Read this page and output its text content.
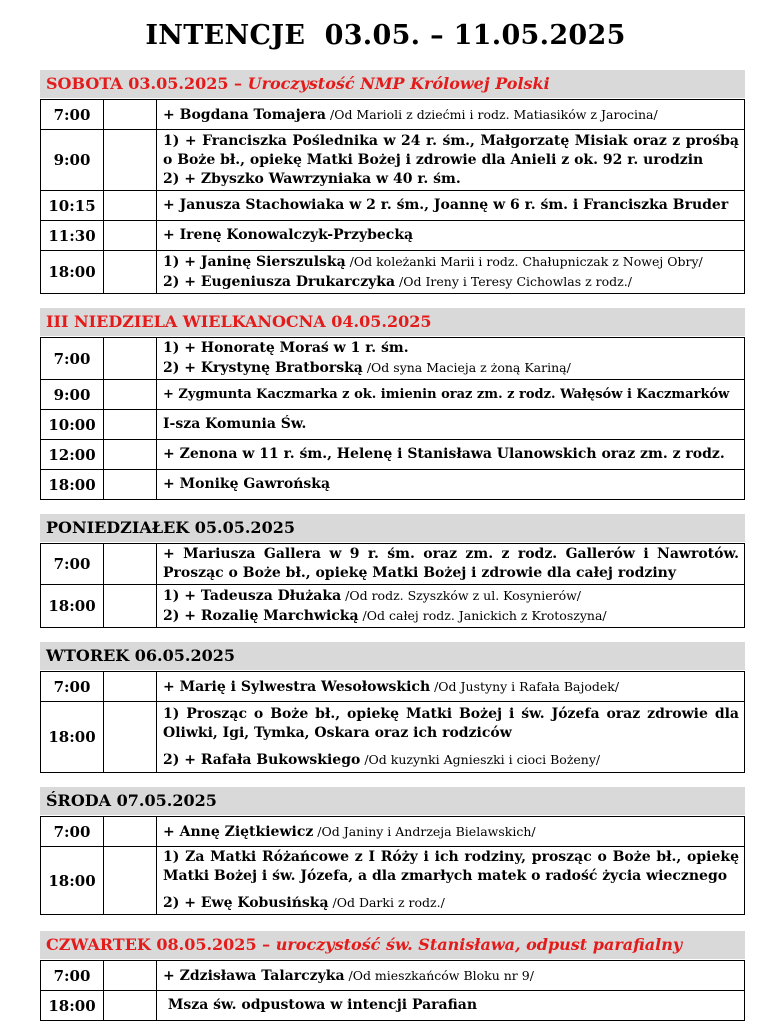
INTENCJE  03.05. – 11.05.2025
SOBOTA 03.05.2025 – Uroczystość NMP Królowej Polski
7:00		+ Bogdana Tomajera /Od Marioli z dziećmi i rodz. Matiasików z Jarocina/

9:00		1) + Franciszka Poślednika w 24 r. śm., Małgorzatę Misiak oraz z prośbą
o Boże bł., opiekę Matki Bożej i zdrowie dla Anieli z ok. 92 r. urodzin
2) + Zbyszko Wawrzyniaka w 40 r. śm.

10:15		+ Janusza Stachowiaka w 2 r. śm., Joannę w 6 r. śm. i Franciszka Bruder

11:30		+ Irenę Konowalczyk-Przybecką

18:00		1) + Janinę Sierszulską /Od koleżanki Marii i rodz. Chałupniczak z Nowej Obry/
2) + Eugeniusza Drukarczyka /Od Ireny i Teresy Cichowlas z rodz./
III NIEDZIELA WIELKANOCNA 04.05.2025
7:00		1) + Honoratę Moraś w 1 r. śm.
2) + Krystynę Bratborską /Od syna Macieja z żoną Kariną/

9:00		+ Zygmunta Kaczmarka z ok. imienin oraz zm. z rodz. Wałęsów i Kaczmarków

10:00		I-sza Komunia Św.

12:00		+ Zenona w 11 r. śm., Helenę i Stanisława Ulanowskich oraz zm. z rodz.

18:00		+ Monikę Gawrońską
PONIEDZIAŁEK 05.05.2025
7:00		+ Mariusza Gallera w 9 r. śm. oraz zm. z rodz. Gallerów i Nawrotów.
Prosząc o Boże bł., opiekę Matki Bożej i zdrowie dla całej rodziny

18:00		1) + Tadeusza Dłużaka /Od rodz. Szyszków z ul. Kosynierów/
2) + Rozalię Marchwicką /Od całej rodz. Janickich z Krotoszyna/
WTOREK 06.05.2025
7:00		+ Marię i Sylwestra Wesołowskich /Od Justyny i Rafała Bajodek/

18:00		1) Prosząc o Boże bł., opiekę Matki Bożej i św. Józefa oraz zdrowie dla
Oliwki, Igi, Tymka, Oskara oraz ich rodziców
2) + Rafała Bukowskiego /Od kuzynki Agnieszki i cioci Bożeny/
ŚRODA 07.05.2025
7:00		+ Annę Ziętkiewicz /Od Janiny i Andrzeja Bielawskich/

18:00		1) Za Matki Różańcowe z I Róży i ich rodziny, prosząc o Boże bł., opiekę
Matki Bożej i św. Józefa, a dla zmarłych matek o radość życia wiecznego
2) + Ewę Kobusińską /Od Darki z rodz./
CZWARTEK 08.05.2025 – uroczystość św. Stanisława, odpust parafialny
7:00		+ Zdzisława Talarczyka /Od mieszkańców Bloku nr 9/

18:00		Msza św. odpustowa w intencji Parafian
